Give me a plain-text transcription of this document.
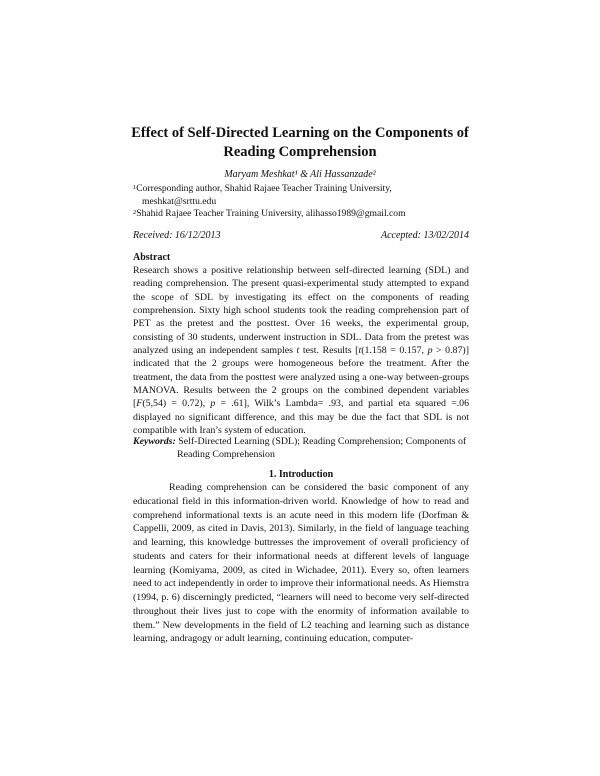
Effect of Self-Directed Learning on the Components of
Reading Comprehension
Maryam Meshkat¹ & Ali Hassanzade²
$^1$Corresponding author, Shahid Rajaee Teacher Training University,
meshkat@srttu.edu
$^2$Shahid Rajaee Teacher Training University, alihasso1989@gmail.com
Received: 16/12/2013	Accepted: 13/02/2014
Abstract

Research shows a positive relationship between self-directed learning (SDL) and reading comprehension. The present quasi-experimental study attempted to expand the scope of SDL by investigating its effect on the components of reading comprehension. Sixty high school students took the reading comprehension part of PET as the pretest and the posttest. Over 16 weeks, the experimental group, consisting of 30 students, underwent instruction in SDL. Data from the pretest was analyzed using an independent samples t test. Results [t(1.158 = 0.157, p > 0.87)] indicated that the 2 groups were homogeneous before the treatment. After the treatment, the data from the posttest were analyzed using a one-way between-groups MANOVA. Results between the 2 groups on the combined dependent variables [F(5,54) = 0.72), p = .61], Wilk’s Lambda= .93, and partial eta squared =.06 displayed no significant difference, and this may be due the fact that SDL is not compatible with Iran’s system of education.

Keywords: Self-Directed Learning (SDL); Reading Comprehension; Components of
Reading Comprehension
1. Introduction

Reading comprehension can be considered the basic component of any educational field in this information-driven world. Knowledge of how to read and comprehend informational texts is an acute need in this modern life (Dorfman & Cappelli, 2009, as cited in Davis, 2013). Similarly, in the field of language teaching and learning, this knowledge buttresses the improvement of overall proficiency of students and caters for their informational needs at different levels of language learning (Komiyama, 2009, as cited in Wichadee, 2011). Every so, often learners need to act independently in order to improve their informational needs. As Hiemstra (1994, p. 6) discerningly predicted, “learners will need to become very self-directed throughout their lives just to cope with the enormity of information available to them.” New developments in the field of L2 teaching and learning such as distance learning, andragogy or adult learning, continuing education, computer-
